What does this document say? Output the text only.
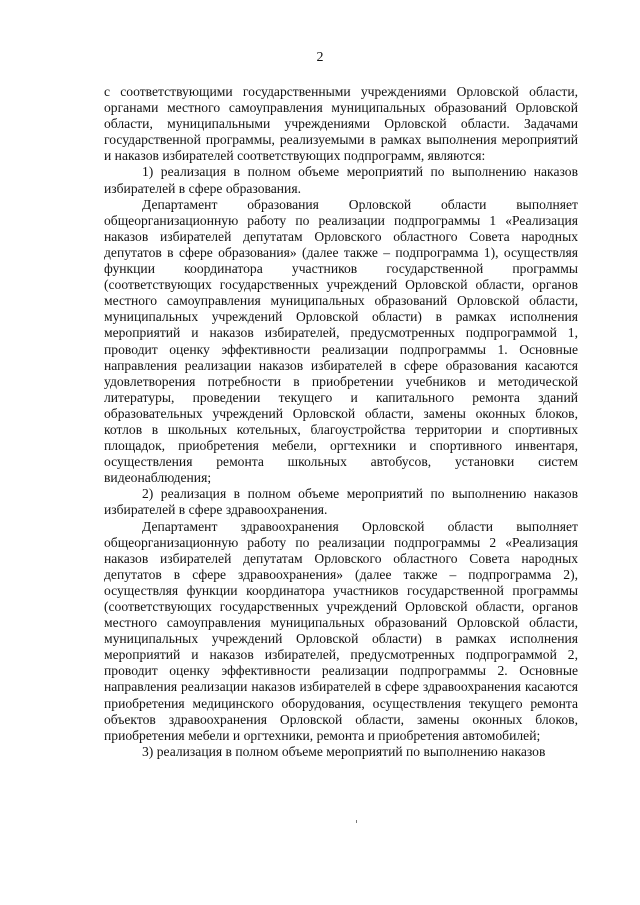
2

с соответствующими государственными учреждениями Орловской области, органами местного самоуправления муниципальных образований Орловской области, муниципальными учреждениями Орловской области. Задачами государственной программы, реализуемыми в рамках выполнения мероприятий и наказов избирателей соответствующих подпрограмм, являются:

1) реализация в полном объеме мероприятий по выполнению наказов избирателей в сфере образования.

Департамент образования Орловской области выполняет общеорганизационную работу по реализации подпрограммы 1 «Реализация наказов избирателей депутатам Орловского областного Совета народных депутатов в сфере образования» (далее также – подпрограмма 1), осуществляя функции координатора участников государственной программы (соответствующих государственных учреждений Орловской области, органов местного самоуправления муниципальных образований Орловской области, муниципальных учреждений Орловской области) в рамках исполнения мероприятий и наказов избирателей, предусмотренных подпрограммой 1, проводит оценку эффективности реализации подпрограммы 1. Основные направления реализации наказов избирателей в сфере образования касаются удовлетворения потребности в приобретении учебников и методической литературы, проведении текущего и капитального ремонта зданий образовательных учреждений Орловской области, замены оконных блоков, котлов в школьных котельных, благоустройства территории и спортивных площадок, приобретения мебели, оргтехники и спортивного инвентаря, осуществления ремонта школьных автобусов, установки систем видеонаблюдения;

2) реализация в полном объеме мероприятий по выполнению наказов избирателей в сфере здравоохранения.

Департамент здравоохранения Орловской области выполняет общеорганизационную работу по реализации подпрограммы 2 «Реализация наказов избирателей депутатам Орловского областного Совета народных депутатов в сфере здравоохранения» (далее также – подпрограмма 2), осуществляя функции координатора участников государственной программы (соответствующих государственных учреждений Орловской области, органов местного самоуправления муниципальных образований Орловской области, муниципальных учреждений Орловской области) в рамках исполнения мероприятий и наказов избирателей, предусмотренных подпрограммой 2, проводит оценку эффективности реализации подпрограммы 2. Основные направления реализации наказов избирателей в сфере здравоохранения касаются приобретения медицинского оборудования, осуществления текущего ремонта объектов здравоохранения Орловской области, замены оконных блоков, приобретения мебели и оргтехники, ремонта и приобретения автомобилей;

3) реализация в полном объеме мероприятий по выполнению наказов
